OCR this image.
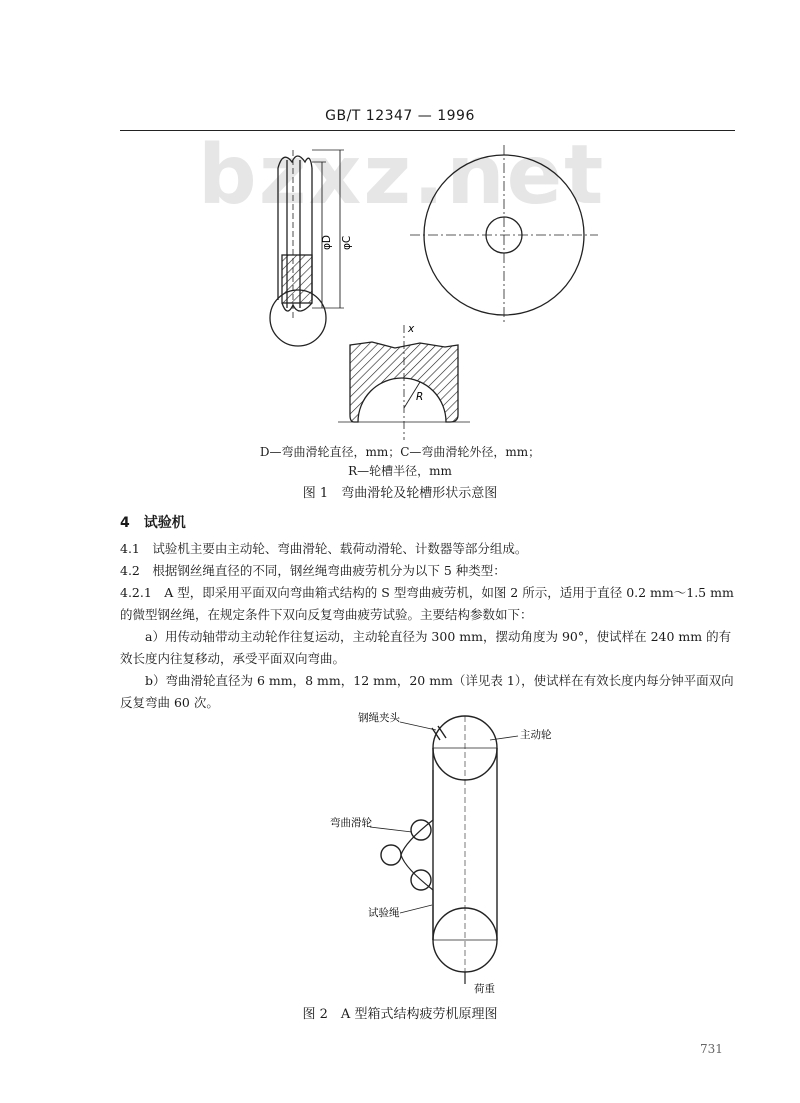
GB/T 12347 — 1996
bzxz.net
φD φC
x
R
D—弯曲滑轮直径，mm；C—弯曲滑轮外径，mm；
R—轮槽半径，mm
图 1　弯曲滑轮及轮槽形状示意图
4　试验机
4.1　试验机主要由主动轮、弯曲滑轮、载荷动滑轮、计数器等部分组成。
4.2　根据钢丝绳直径的不同，钢丝绳弯曲疲劳机分为以下 5 种类型：
4.2.1　A 型，即采用平面双向弯曲箱式结构的 S 型弯曲疲劳机，如图 2 所示，适用于直径 0.2 mm～1.5 mm的微型钢丝绳，在规定条件下双向反复弯曲疲劳试验。主要结构参数如下：
a）用传动轴带动主动轮作往复运动，主动轮直径为 300 mm，摆动角度为 90°，使试样在 240 mm 的有效长度内往复移动，承受平面双向弯曲。
b）弯曲滑轮直径为 6 mm，8 mm，12 mm，20 mm（详见表 1），使试样在有效长度内每分钟平面双向反复弯曲 60 次。
钢绳夹头
主动轮
弯曲滑轮
试验绳
荷重
图 2　A 型箱式结构疲劳机原理图
731
